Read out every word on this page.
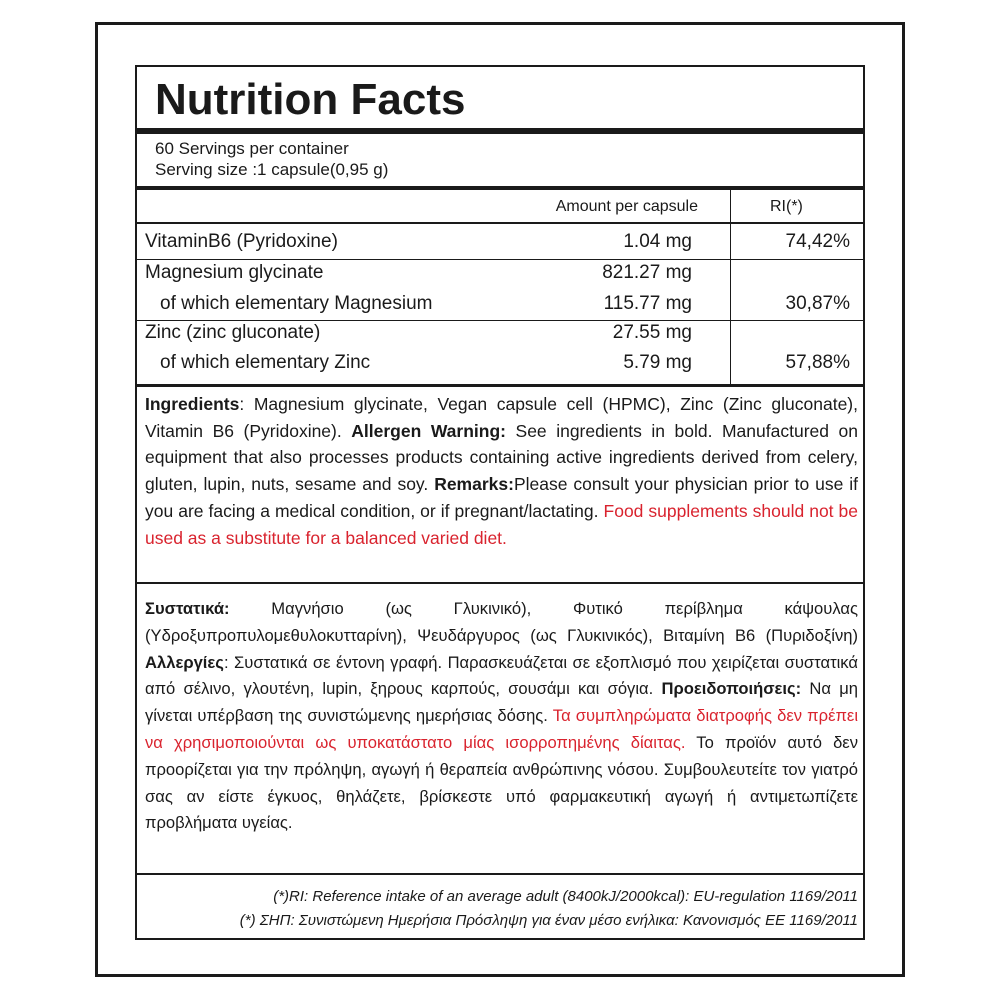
Nutrition Facts
60 Servings per container
Serving size :1 capsule(0,95 g)
Amount per capsule	RI(*)
VitaminB6 (Pyridoxine)	1.04 mg	74,42%
Magnesium glycinate	821.27 mg
of which elementary Magnesium	115.77 mg	30,87%
Zinc (zinc gluconate)	27.55 mg
of which elementary Zinc	5.79 mg	57,88%
Ingredients: Magnesium glycinate, Vegan capsule cell (HPMC), Zinc (Zinc gluconate), Vitamin B6 (Pyridoxine). Allergen Warning: See ingredients in bold. Manufactured on equipment that also processes products containing active ingredients derived from celery, gluten, lupin, nuts, sesame and soy. Remarks:Please consult your physician prior to use if you are facing a medical condition, or if pregnant/lactating. Food supplements should not be used as a substitute for a balanced varied diet.
Συστατικά: Μαγνήσιο (ως Γλυκινικό), Φυτικό περίβλημα κάψουλας (Υδροξυπροπυλομεθυλοκυτταρίνη), Ψευδάργυρος (ως Γλυκινικός), Βιταμίνη Β6 (Πυριδοξίνη) Αλλεργίες: Συστατικά σε έντονη γραφή. Παρασκευάζεται σε εξοπλισμό που χειρίζεται συστατικά από σέλινο, γλουτένη, lupin, ξηρους καρπούς, σουσάμι και σόγια. Προειδοποιήσεις: Να μη γίνεται υπέρβαση της συνιστώμενης ημερήσιας δόσης. Τα συμπληρώματα διατροφής δεν πρέπει να χρησιμοποιούνται ως υποκατάστατο μίας ισορροπημένης δίαιτας. Το προϊόν αυτό δεν προορίζεται για την πρόληψη, αγωγή ή θεραπεία ανθρώπινης νόσου. Συμβουλευτείτε τον γιατρό σας αν είστε έγκυος, θηλάζετε, βρίσκεστε υπό φαρμακευτική αγωγή ή αντιμετωπίζετε προβλήματα υγείας.
(*)RI: Reference intake of an average adult (8400kJ/2000kcal): EU-regulation 1169/2011
(*) ΣΗΠ: Συνιστώμενη Ημερήσια Πρόσληψη για έναν μέσο ενήλικα: Κανονισμός ΕΕ 1169/2011
